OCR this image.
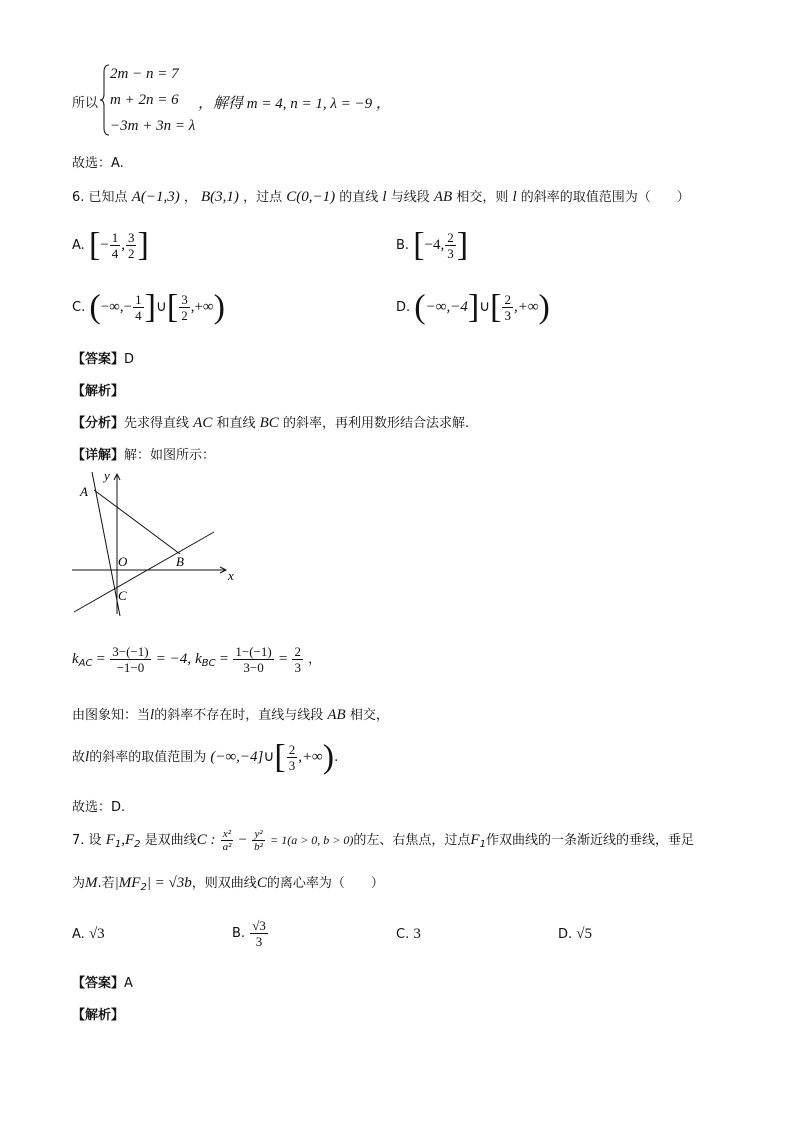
所以
2m − n = 7
m + 2n = 6
−3m + 3n = λ
，解得 m = 4, n = 1, λ = −9 ，
故选：A.
6. 已知点 A(−1,3) ， B(3,1) ，过点 C(0,−1) 的直线 l 与线段 AB 相交，则 l 的斜率的取值范围为（　　）
A. [− $\frac{1}{4}$ , $\frac{3}{2}$ ]	B. [−4, $\frac{2}{3}$ ]
C. (−∞,− $\frac{1}{4}$ ]∪[ $\frac{3}{2}$ ,+∞)	D. (−∞,−4]∪[ $\frac{2}{3}$ ,+∞)
【答案】D
【解析】
【分析】先求得直线 AC 和直线 BC 的斜率，再利用数形结合法求解.
【详解】解：如图所示：
x
y
A
B
O
C
$k_{AC} = \frac{3-(-1)}{-1-0} = -4$, $k_{BC} = \frac{1-(-1)}{3-0} = \frac{2}{3}$ ，
由图象知：当l的斜率不存在时，直线与线段 AB 相交，
故l的斜率的取值范围为 (−∞,−4]∪[ $\frac{2}{3}$ ,+∞).
故选：D.
7. 设 $F_1,F_2$ 是双曲线C : $\frac{\text{x²}}{\text{a²}} - \frac{\text{y²}}{\text{b²}} = 1(a > 0$, b > 0)的左、右焦点，过点$F_1$作双曲线的一条渐近线的垂线，垂足
为M.若$|MF_2| = √3b$，则双曲线C的离心率为（　　）
A. √3	B. $\frac{√3}{3}$	C. 3	D. √5
【答案】A
【解析】
